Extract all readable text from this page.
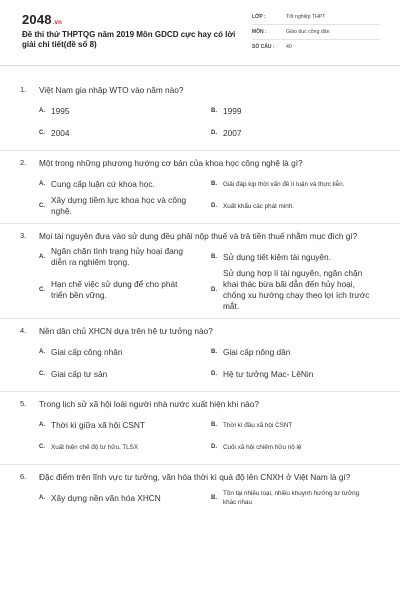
2048.vn
Đề thi thử THPTQG năm 2019 Môn GDCD cực hay có lời giải chi tiết(đề số 8)
LỚP :	Tốt nghiệp THPT
MÔN :	Giáo dục công dân
SỐ CÂU :	40
1.	Việt Nam gia nhập WTO vào năm nào?
A. 1995	B. 1999
C. 2004	D. 2007
2.	Một trong những phương hướng cơ bản của khoa học công nghệ là gì?
A. Cung cấp luận cứ khoa học.	B. Giải đáp kịp thời vấn đề lí luận và thực tiễn.
C.
Xây dựng tiềm lực khoa học và công nghệ.	D. Xuất khẩu các phát minh.
3.	Mọi tài nguyên đưa vào sử dụng đều phải nộp thuế và trả tiền thuế nhằm mục đích gì?
A.
Ngăn chặn tình trạng hủy hoại đang diễn ra nghiêm trọng.	B. Sử dụng tiết kiệm tài nguyên.
C.
Hạn chế việc sử dụng để cho phát triển bền vững.	D.
Sử dụng hợp lí tài nguyên, ngăn chặn khai thác bừa bãi dẫn đến hủy hoại, chống xu hướng chạy theo lợi ích trước mắt.
4.	Nền dân chủ XHCN dựa trên hệ tư tưởng nào?
A. Giai cấp công nhân	B. Giai cấp nông dân
C. Giai cấp tư sản	D. Hệ tư tưởng Mac- LêNin
5.	Trong lịch sử xã hội loài người nhà nước xuất hiện khi nào?
A. Thời kì giữa xã hội CSNT	B. Thời kì đầu xã hội CSNT
C. Xuất hiện chế độ tư hữu, TLSX	D. Cuối xã hội chiếm hữu nô lệ
6.	Đặc điểm trên lĩnh vực tư tưởng, văn hóa thời kì quá độ lên CNXH ở Việt Nam là gì?
A. Xây dựng nền văn hóa XHCN	B.
Tồn tại nhiều loại, nhiều khuynh hướng tư tưởng khác nhau
